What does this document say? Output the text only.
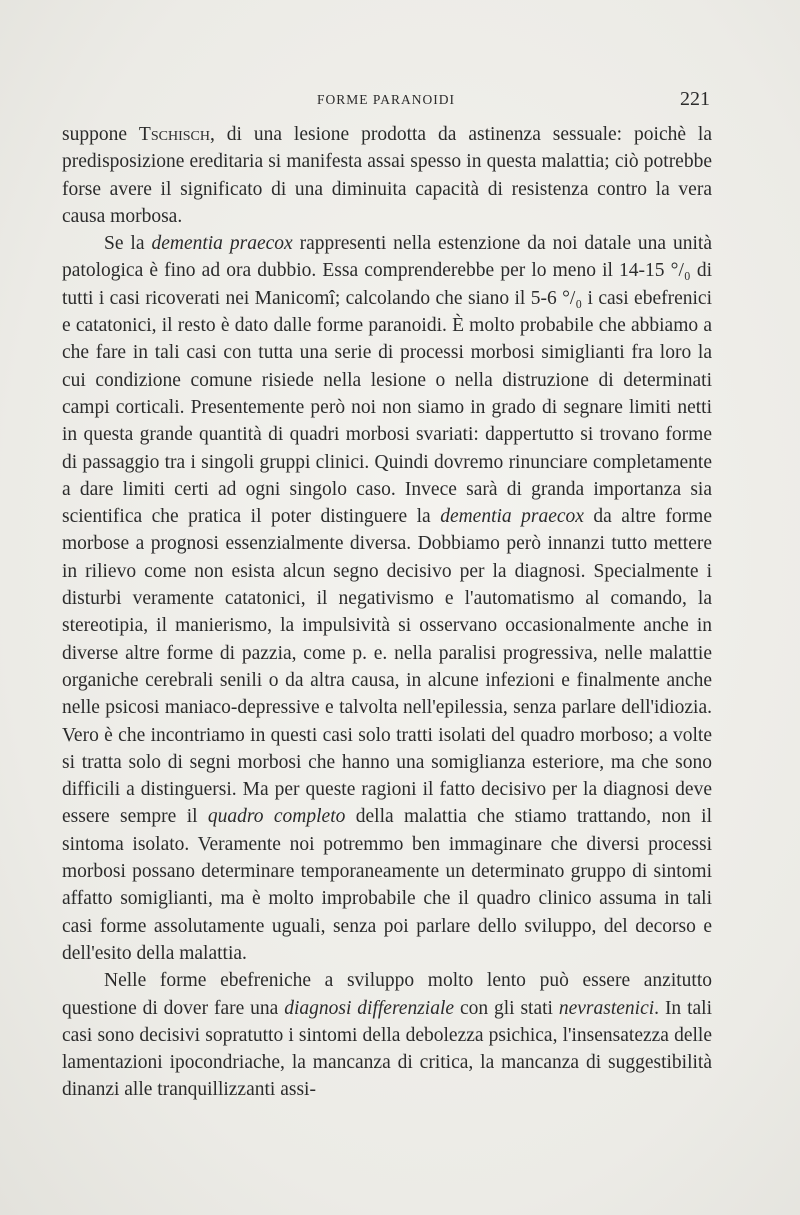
FORME PARANOIDI	221

suppone Tschisch, di una lesione prodotta da astinenza sessuale: poichè la predisposizione ereditaria si manifesta assai spesso in questa malattia; ciò potrebbe forse avere il significato di una diminuita capacità di resistenza contro la vera causa morbosa.

Se la dementia praecox rappresenti nella estenzione da noi datale una unità patologica è fino ad ora dubbio. Essa comprenderebbe per lo meno il 14-15 °/₀ di tutti i casi ricoverati nei Manicomî; calcolando che siano il 5-6 °/₀ i casi ebefrenici e catatonici, il resto è dato dalle forme paranoidi. È molto probabile che abbiamo a che fare in tali casi con tutta una serie di processi morbosi simiglianti fra loro la cui condizione comune risiede nella lesione o nella distruzione di determinati campi corticali. Presentemente però noi non siamo in grado di segnare limiti netti in questa grande quantità di quadri morbosi svariati: dappertutto si trovano forme di passaggio tra i singoli gruppi clinici. Quindi dovremo rinunciare completamente a dare limiti certi ad ogni singolo caso. Invece sarà di granda importanza sia scientifica che pratica il poter distinguere la dementia praecox da altre forme morbose a prognosi essenzialmente diversa. Dobbiamo però innanzi tutto mettere in rilievo come non esista alcun segno decisivo per la diagnosi. Specialmente i disturbi veramente catatonici, il negativismo e l'automatismo al comando, la stereotipia, il manierismo, la impulsività si osservano occasionalmente anche in diverse altre forme di pazzia, come p. e. nella paralisi progressiva, nelle malattie organiche cerebrali senili o da altra causa, in alcune infezioni e finalmente anche nelle psicosi maniaco-depressive e talvolta nell'epilessia, senza parlare dell'idiozia. Vero è che incontriamo in questi casi solo tratti isolati del quadro morboso; a volte si tratta solo di segni morbosi che hanno una somiglianza esteriore, ma che sono difficili a distinguersi. Ma per queste ragioni il fatto decisivo per la diagnosi deve essere sempre il quadro completo della malattia che stiamo trattando, non il sintoma isolato. Veramente noi potremmo ben immaginare che diversi processi morbosi possano determinare temporaneamente un determinato gruppo di sintomi affatto somiglianti, ma è molto improbabile che il quadro clinico assuma in tali casi forme assolutamente uguali, senza poi parlare dello sviluppo, del decorso e dell'esito della malattia.

Nelle forme ebefreniche a sviluppo molto lento può essere anzitutto questione di dover fare una diagnosi differenziale con gli stati nevrastenici. In tali casi sono decisivi sopratutto i sintomi della debolezza psichica, l'insensatezza delle lamentazioni ipocondriache, la mancanza di critica, la mancanza di suggestibilità dinanzi alle tranquillizzanti assi-
